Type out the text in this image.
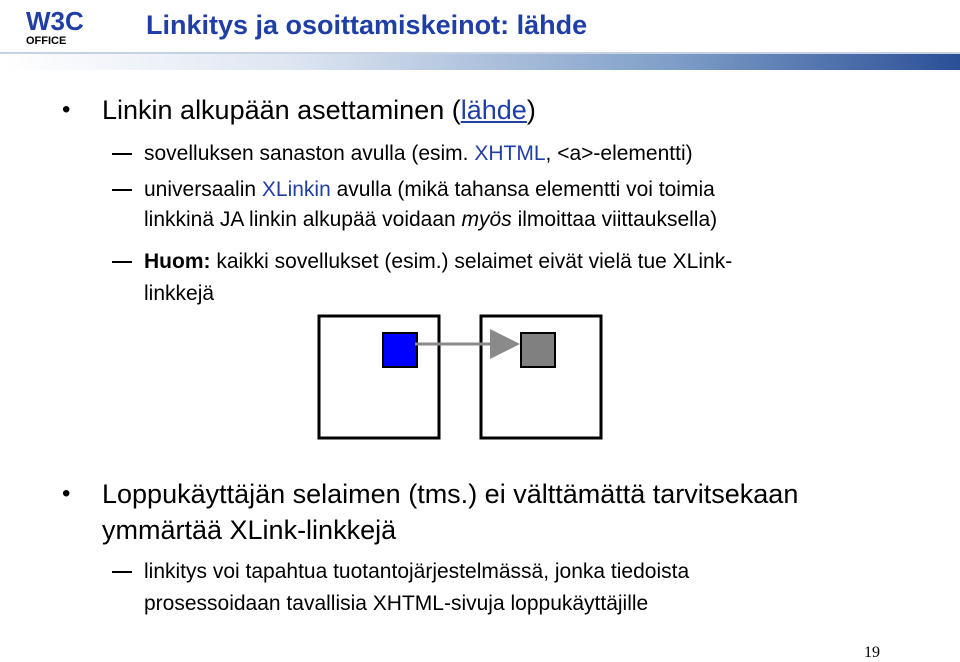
W3C
OFFICE
Linkitys ja osoittamiskeinot: lähde
• Linkin alkupään asettaminen (lähde)
sovelluksen sanaston avulla (esim. XHTML, <a>-elementti)
universaalin XLinkin avulla (mikä tahansa elementti voi toimia
linkkinä JA linkin alkupää voidaan myös ilmoittaa viittauksella)
Huom: kaikki sovellukset (esim.) selaimet eivät vielä tue XLink-
linkkejä
• Loppukäyttäjän selaimen (tms.) ei välttämättä tarvitsekaan
ymmärtää XLink-linkkejä
linkitys voi tapahtua tuotantojärjestelmässä, jonka tiedoista
prosessoidaan tavallisia XHTML-sivuja loppukäyttäjille
19
